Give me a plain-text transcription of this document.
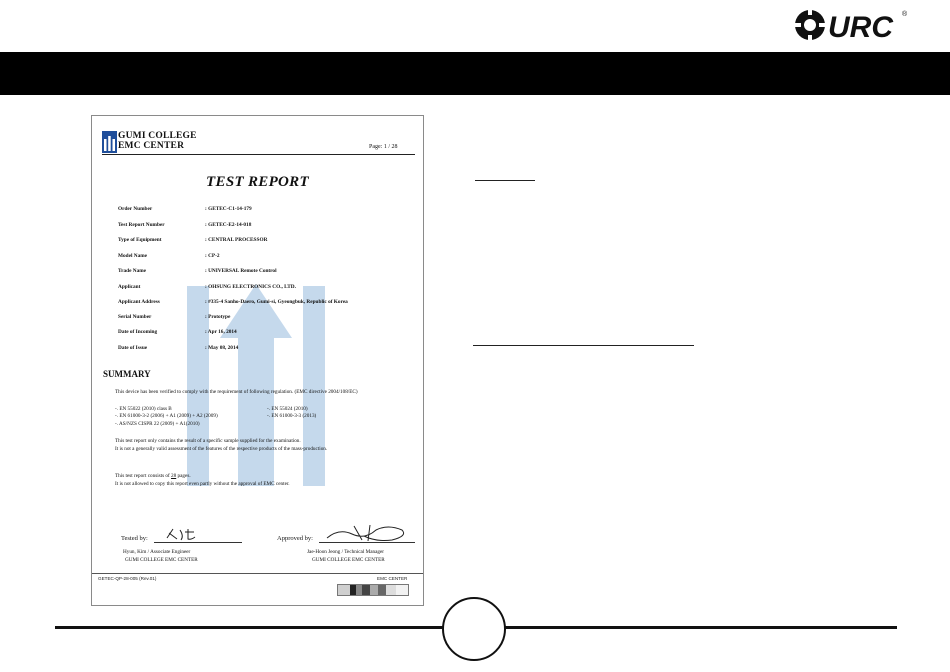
URC ®
GUMI COLLEGE
EMC CENTER	Page: 1 / 28
TEST REPORT
Order Number	: GETEC-C1-14-179
Test Report Number	: GETEC-E2-14-018
Type of Equipment	: CENTRAL PROCESSOR
Model Name	: CP-2
Trade Name	: UNIVERSAL Remote Control
Applicant	: OHSUNG ELECTRONICS CO., LTD.
Applicant Address	: #335-4 Sanho-Daero, Gumi-si, Gyeongbuk, Republic of Korea
Serial Number	: Prototype
Date of Incoming	: Apr 16, 2014
Date of Issue	: May 08, 2014
SUMMARY
This device has been verified to comply with the requirement of following regulation. (EMC directive 2004/108/EC)
-. EN 55022 (2010) class B
-. EN 61000-3-2 (2006) + A1 (2009) + A2 (2009)
-. AS/NZS CISPR 22 (2009) + A1(2010)
-. EN 55024 (2010)
-. EN 61000-3-3 (2013)
This test report only contains the result of a specific sample supplied for the examination.
It is not a generally valid assessment of the features of the respective products of the mass-production.
This test report consists of 28 pages.
It is not allowed to copy this report even partly without the approval of EMC center.
Tested by:
Hyun, Kim / Associate Engineer
GUMI COLLEGE EMC CENTER
Approved by:
Jae-Hoon Jeong / Technical Manager
GUMI COLLEGE EMC CENTER
GETEC-QP-28-005 (Rev.01)	EMC CENTER
